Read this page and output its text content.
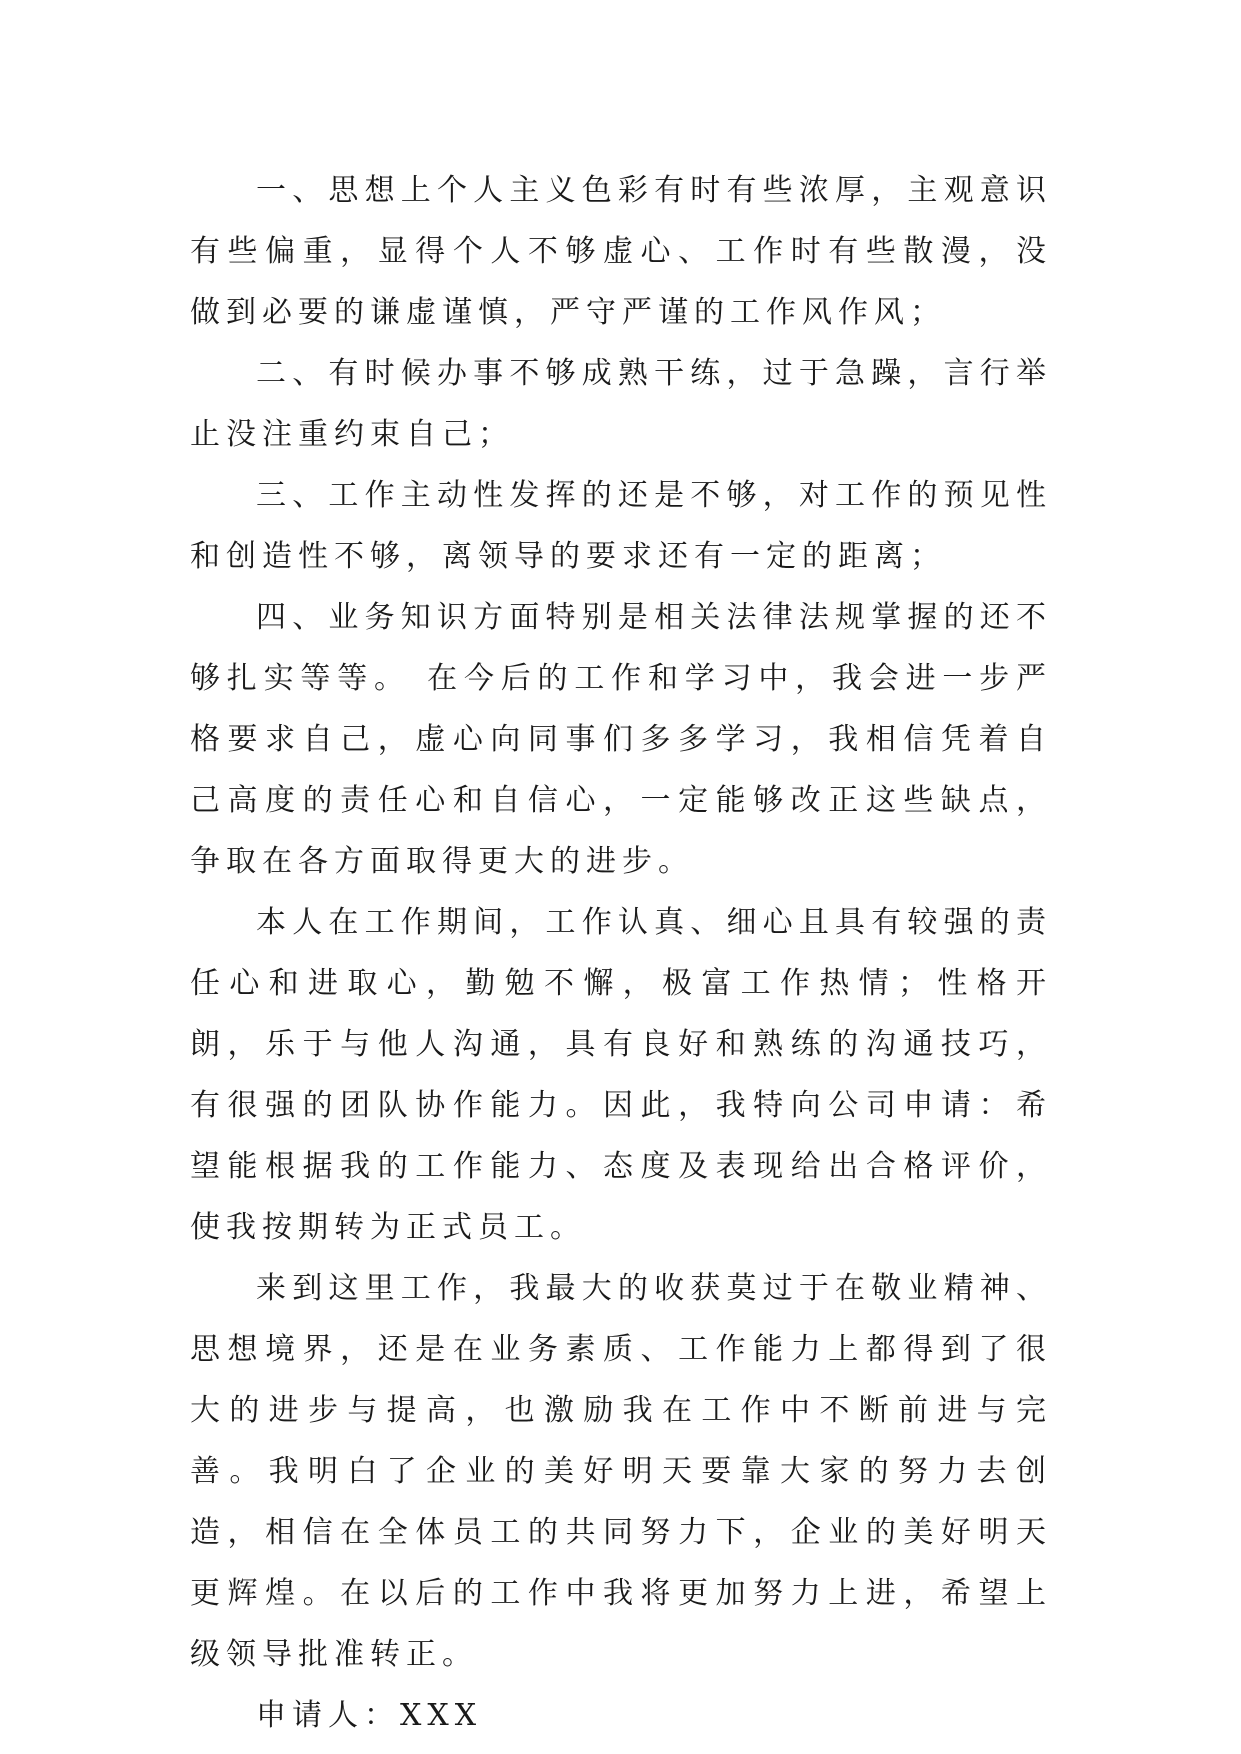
一、思想上个人主义色彩有时有些浓厚，主观意识有些偏重，显得个人不够虚心、工作时有些散漫，没做到必要的谦虚谨慎，严守严谨的工作风作风；

二、有时候办事不够成熟干练，过于急躁，言行举止没注重约束自己；

三、工作主动性发挥的还是不够，对工作的预见性和创造性不够，离领导的要求还有一定的距离；

四、业务知识方面特别是相关法律法规掌握的还不够扎实等等。 在今后的工作和学习中，我会进一步严格要求自己，虚心向同事们多多学习，我相信凭着自己高度的责任心和自信心，一定能够改正这些缺点，争取在各方面取得更大的进步。

本人在工作期间，工作认真、细心且具有较强的责任心和进取心，勤勉不懈，极富工作热情；性格开朗，乐于与他人沟通，具有良好和熟练的沟通技巧，有很强的团队协作能力。因此，我特向公司申请：希望能根据我的工作能力、态度及表现给出合格评价，使我按期转为正式员工。

来到这里工作，我最大的收获莫过于在敬业精神、思想境界，还是在业务素质、工作能力上都得到了很大的进步与提高，也激励我在工作中不断前进与完善。我明白了企业的美好明天要靠大家的努力去创造，相信在全体员工的共同努力下，企业的美好明天更辉煌。在以后的工作中我将更加努力上进，希望上级领导批准转正。

申请人：XXX
